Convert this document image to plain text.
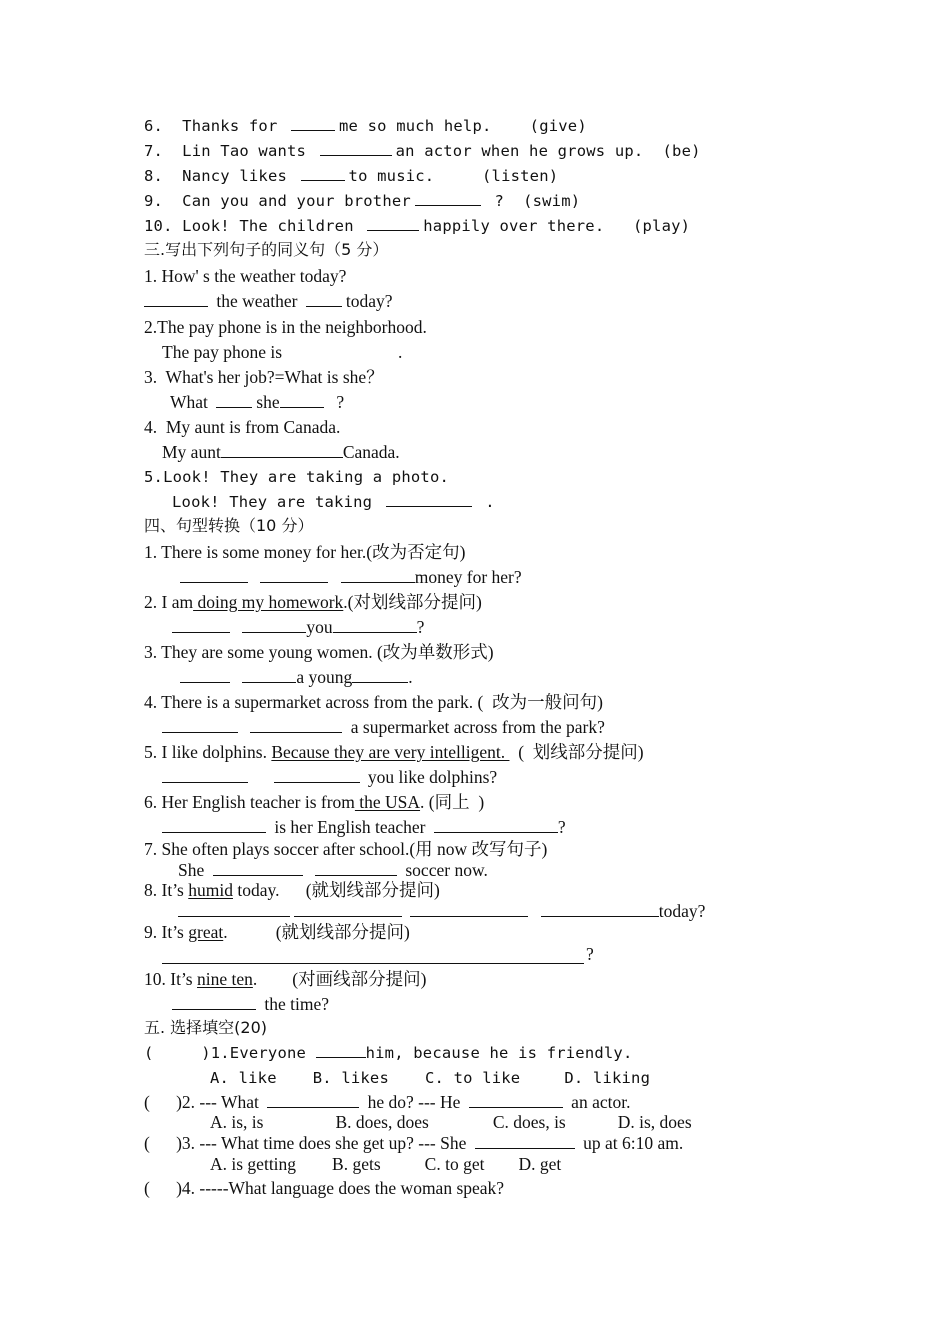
6. Thanks for	me so much help. (give)
7. Lin Tao wants	an actor when he grows up. (be)
8. Nancy likes	to music.	(listen)
9. Can you and your brother	? (swim)
10. Look! The children	happily over there. (play)
三.写出下列句子的同义句（5 分）
1. How' s the weather today?
the weather	today?
2.The pay phone is in the neighborhood.
The pay phone is	.
3.  What's her job?=What is she？
What	she	?
4.  My aunt is from Canada.
My aunt	Canada.
5.Look! They are taking a photo.
Look! They are taking	.
四、句型转换（10 分）
1. There is some money for her.(改为否定句)
money for her?
2. I am doing my homework.(对划线部分提问)
you	?
3. They are some young women. (改为单数形式)
a young	.
4. There is a supermarket across from the park. (  改为一般问句)
a supermarket across from the park?
5. I like dolphins. Because they are very intelligent.   (  划线部分提问)
you like dolphins?
6. Her English teacher is from the USA. (同上  )
is her English teacher	?
7. She often plays soccer after school.(用 now 改写句子)
She	soccer now.
8. It’s humid today.      (就划线部分提问)
today?
9. It’s great.           (就划线部分提问)
?
10. It’s nine ten.        (对画线部分提问)
the time?
五. 选择填空(20)
(     )1.Everyone	him, because he is friendly.
A. like B. likes C. to like	D. liking
(      )2. --- What	he do? --- He	an actor.
A. is, is	B. does, does	C. does, is	D. is, does
(      )3. --- What time does she get up? --- She	up at 6:10 am.
A. is getting B. gets	C. to get D. get
(      )4. -----What language does the woman speak?
